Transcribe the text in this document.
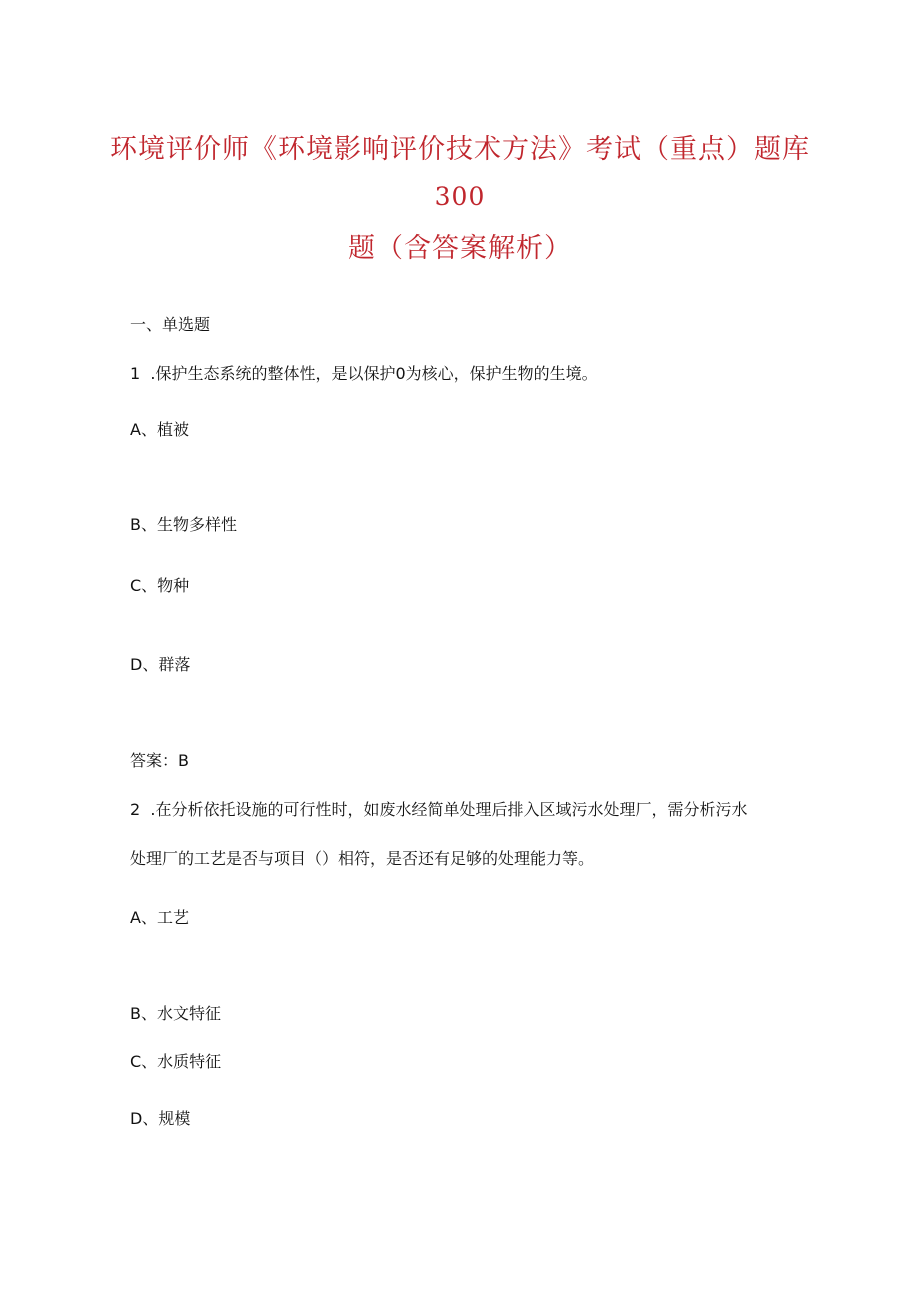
环境评价师《环境影响评价技术方法》考试（重点）题库
300
题（含答案解析）
一、单选题
1  .保护生态系统的整体性，是以保护0为核心，保护生物的生境。
A、植被
B、生物多样性
C、物种
D、群落
答案：B
2  .在分析依托设施的可行性时，如废水经简单处理后排入区域污水处理厂，需分析污水
处理厂的工艺是否与项目（）相符，是否还有足够的处理能力等。
A、工艺
B、水文特征
C、水质特征
D、规模
